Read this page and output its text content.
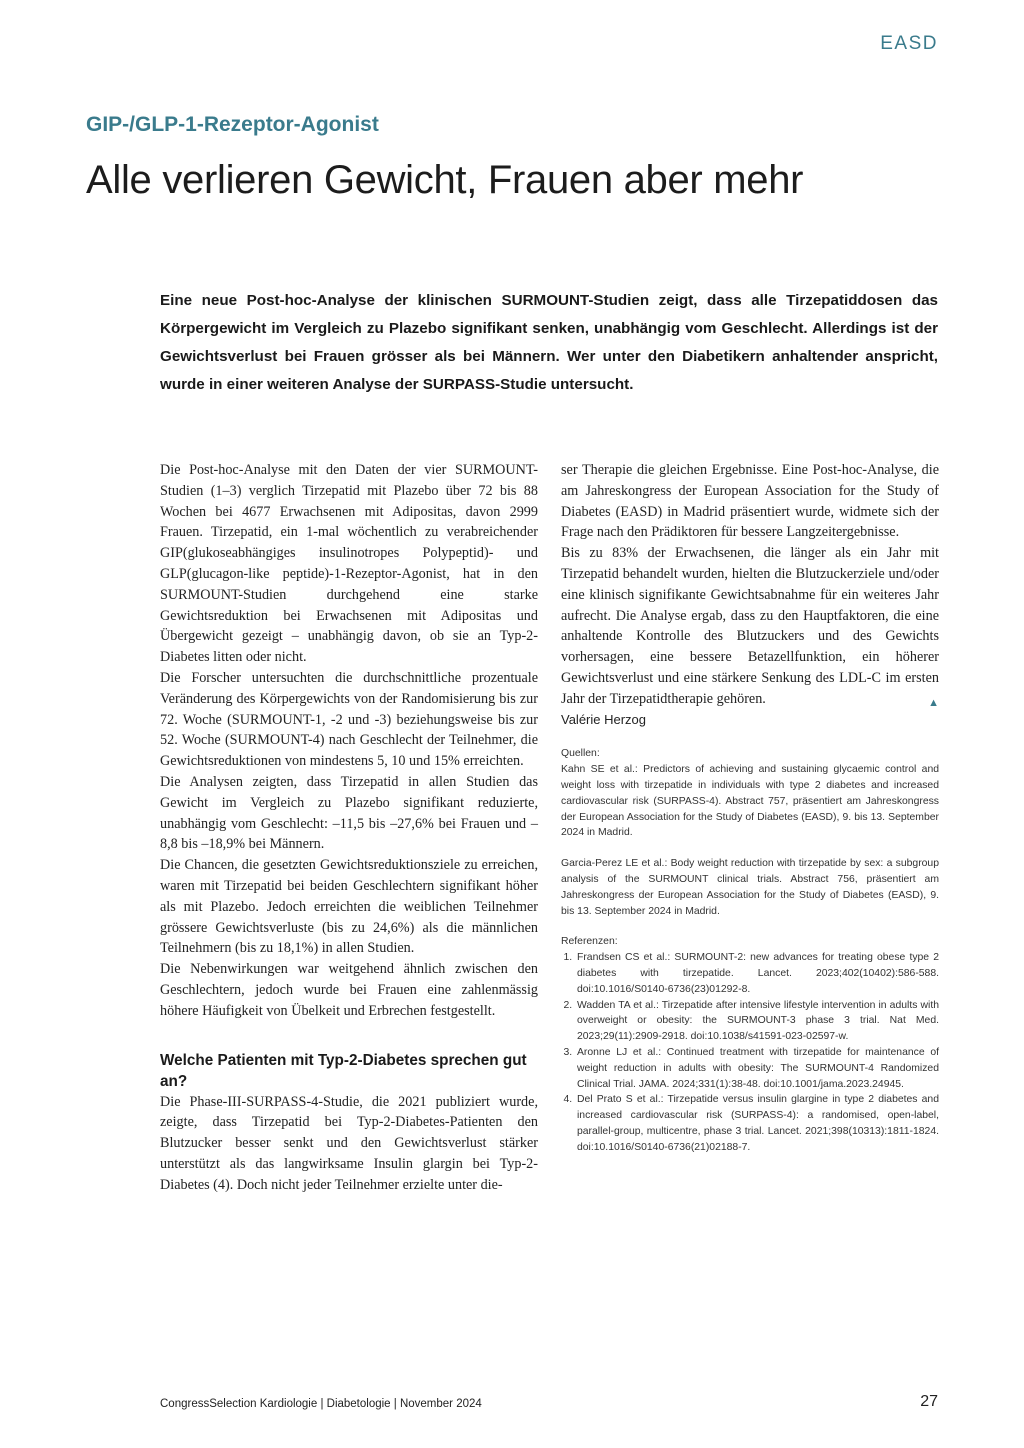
EASD
GIP-/GLP-1-Rezeptor-Agonist
Alle verlieren Gewicht, Frauen aber mehr

Eine neue Post-hoc-Analyse der klinischen SURMOUNT-Studien zeigt, dass alle Tirzepatiddosen das Körpergewicht im Vergleich zu Plazebo signifikant senken, unabhängig vom Geschlecht. Allerdings ist der Gewichtsverlust bei Frauen grösser als bei Männern. Wer unter den Diabetikern anhaltender anspricht, wurde in einer weiteren Analyse der SURPASS-Studie untersucht.

Die Post-hoc-Analyse mit den Daten der vier SURMOUNT-Studien (1–3) verglich Tirzepatid mit Plazebo über 72 bis 88 Wochen bei 4677 Erwachsenen mit Adipositas, davon 2999 Frauen. Tirzepatid, ein 1-mal wöchentlich zu verabreichender GIP(glukoseabhängiges insulinotropes Polypeptid)- und GLP(glucagon-like peptide)-1-Rezeptor-Agonist, hat in den SURMOUNT-Studien durchgehend eine starke Gewichtsreduktion bei Erwachsenen mit Adipositas und Übergewicht gezeigt – unabhängig davon, ob sie an Typ-2-Diabetes litten oder nicht.

Die Forscher untersuchten die durchschnittliche prozentuale Veränderung des Körpergewichts von der Randomisierung bis zur 72. Woche (SURMOUNT-1, -2 und -3) beziehungsweise bis zur 52. Woche (SURMOUNT-4) nach Geschlecht der Teilnehmer, die Gewichtsreduktionen von mindestens 5, 10 und 15% erreichten.

Die Analysen zeigten, dass Tirzepatid in allen Studien das Gewicht im Vergleich zu Plazebo signifikant reduzierte, unabhängig vom Geschlecht: –11,5 bis –27,6% bei Frauen und –8,8 bis –18,9% bei Männern.

Die Chancen, die gesetzten Gewichtsreduktionsziele zu erreichen, waren mit Tirzepatid bei beiden Geschlechtern signifikant höher als mit Plazebo. Jedoch erreichten die weiblichen Teilnehmer grössere Gewichtsverluste (bis zu 24,6%) als die männlichen Teilnehmern (bis zu 18,1%) in allen Studien.

Die Nebenwirkungen war weitgehend ähnlich zwischen den Geschlechtern, jedoch wurde bei Frauen eine zahlenmässig höhere Häufigkeit von Übelkeit und Erbrechen festgestellt.

Welche Patienten mit Typ-2-Diabetes sprechen gut an?

Die Phase-III-SURPASS-4-Studie, die 2021 publiziert wurde, zeigte, dass Tirzepatid bei Typ-2-Diabetes-Patienten den Blutzucker besser senkt und den Gewichtsverlust stärker unterstützt als das langwirksame Insulin glargin bei Typ-2-Diabetes (4). Doch nicht jeder Teilnehmer erzielte unter die-

ser Therapie die gleichen Ergebnisse. Eine Post-hoc-Analyse, die am Jahreskongress der European Association for the Study of Diabetes (EASD) in Madrid präsentiert wurde, widmete sich der Frage nach den Prädiktoren für bessere Langzeitergebnisse.

Bis zu 83% der Erwachsenen, die länger als ein Jahr mit Tirzepatid behandelt wurden, hielten die Blutzuckerziele und/oder eine klinisch signifikante Gewichtsabnahme für ein weiteres Jahr aufrecht. Die Analyse ergab, dass zu den Hauptfaktoren, die eine anhaltende Kontrolle des Blutzuckers und des Gewichts vorhersagen, eine bessere Betazellfunktion, ein höherer Gewichtsverlust und eine stärkere Senkung des LDL-C im ersten Jahr der Tirzepatidtherapie gehören.	▲

Valérie Herzog

Quellen:

Kahn SE et al.: Predictors of achieving and sustaining glycaemic control and weight loss with tirzepatide in individuals with type 2 diabetes and increased cardiovascular risk (SURPASS-4). Abstract 757, präsentiert am Jahreskongress der European Association for the Study of Diabetes (EASD), 9. bis 13. September 2024 in Madrid.

Garcia-Perez LE et al.: Body weight reduction with tirzepatide by sex: a subgroup analysis of the SURMOUNT clinical trials. Abstract 756, präsentiert am Jahreskongress der European Association for the Study of Diabetes (EASD), 9. bis 13. September 2024 in Madrid.

Referenzen:

1. Frandsen CS et al.: SURMOUNT-2: new advances for treating obese type 2 diabetes with tirzepatide. Lancet. 2023;402(10402):586-588. doi:10.1016/S0140-6736(23)01292-8.
2. Wadden TA et al.: Tirzepatide after intensive lifestyle intervention in adults with overweight or obesity: the SURMOUNT-3 phase 3 trial. Nat Med. 2023;29(11):2909-2918. doi:10.1038/s41591-023-02597-w.
3. Aronne LJ et al.: Continued treatment with tirzepatide for maintenance of weight reduction in adults with obesity: The SURMOUNT-4 Randomized Clinical Trial. JAMA. 2024;331(1):38-48. doi:10.1001/jama.2023.24945.
4. Del Prato S et al.: Tirzepatide versus insulin glargine in type 2 diabetes and increased cardiovascular risk (SURPASS-4): a randomised, open-label, parallel-group, multicentre, phase 3 trial. Lancet. 2021;398(10313):1811-1824. doi:10.1016/S0140-6736(21)02188-7.
CongressSelection Kardiologie | Diabetologie | November 2024	27
